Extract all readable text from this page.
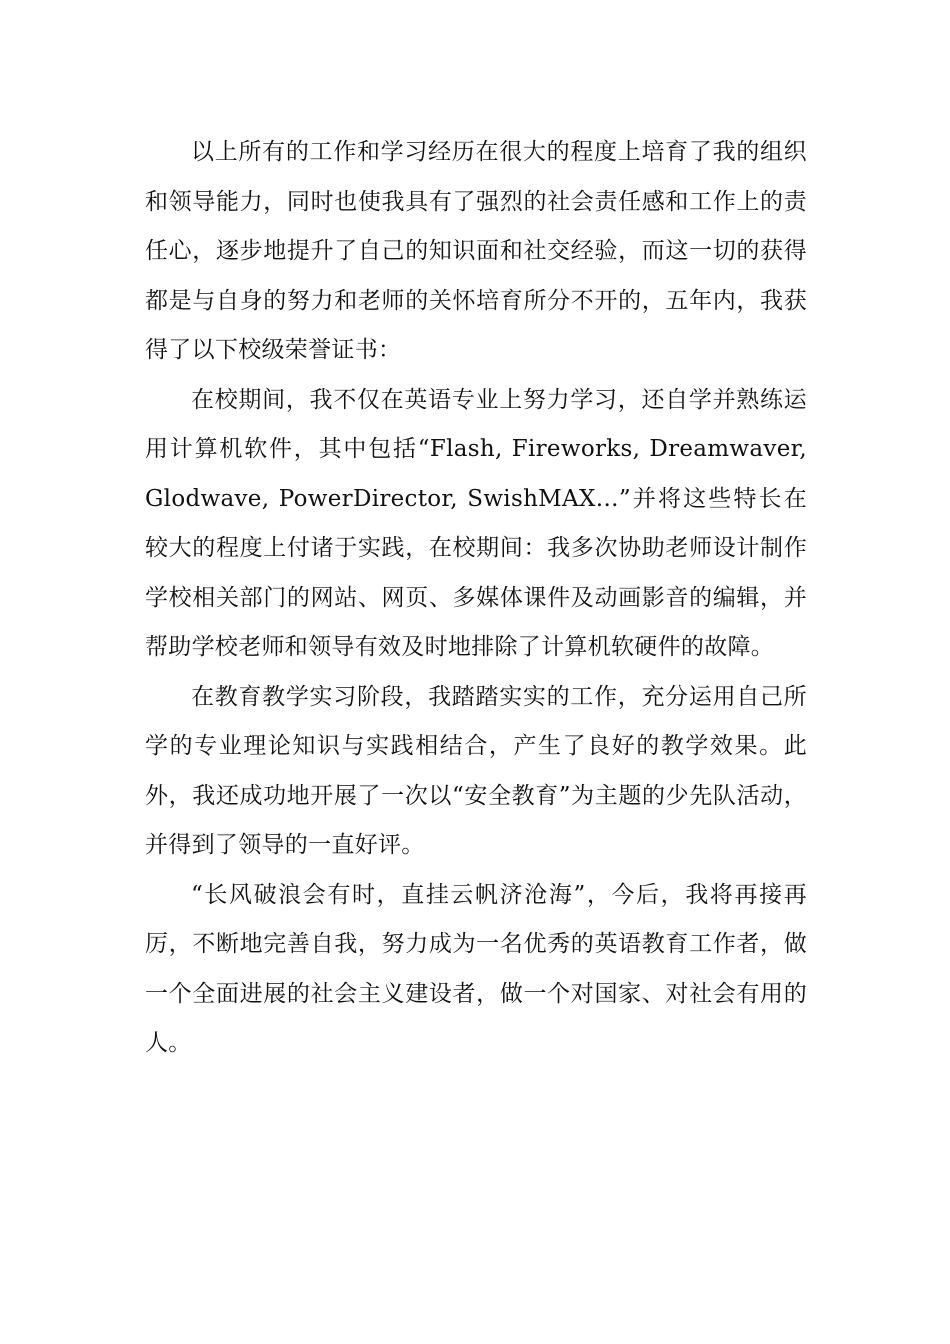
以上所有的工作和学习经历在很大的程度上培育了我的组织和领导能力，同时也使我具有了强烈的社会责任感和工作上的责任心，逐步地提升了自己的知识面和社交经验，而这一切的获得都是与自身的努力和老师的关怀培育所分不开的，五年内，我获得了以下校级荣誉证书：

在校期间，我不仅在英语专业上努力学习，还自学并熟练运用计算机软件，其中包括“Flash, Fireworks, Dreamwaver, Glodwave, PowerDirector, SwishMAX…”并将这些特长在较大的程度上付诸于实践，在校期间：我多次协助老师设计制作学校相关部门的网站、网页、多媒体课件及动画影音的编辑，并帮助学校老师和领导有效及时地排除了计算机软硬件的故障。

在教育教学实习阶段，我踏踏实实的工作，充分运用自己所学的专业理论知识与实践相结合，产生了良好的教学效果。此外，我还成功地开展了一次以“安全教育”为主题的少先队活动，并得到了领导的一直好评。

“长风破浪会有时，直挂云帆济沧海”，今后，我将再接再厉，不断地完善自我，努力成为一名优秀的英语教育工作者，做一个全面进展的社会主义建设者，做一个对国家、对社会有用的人。
